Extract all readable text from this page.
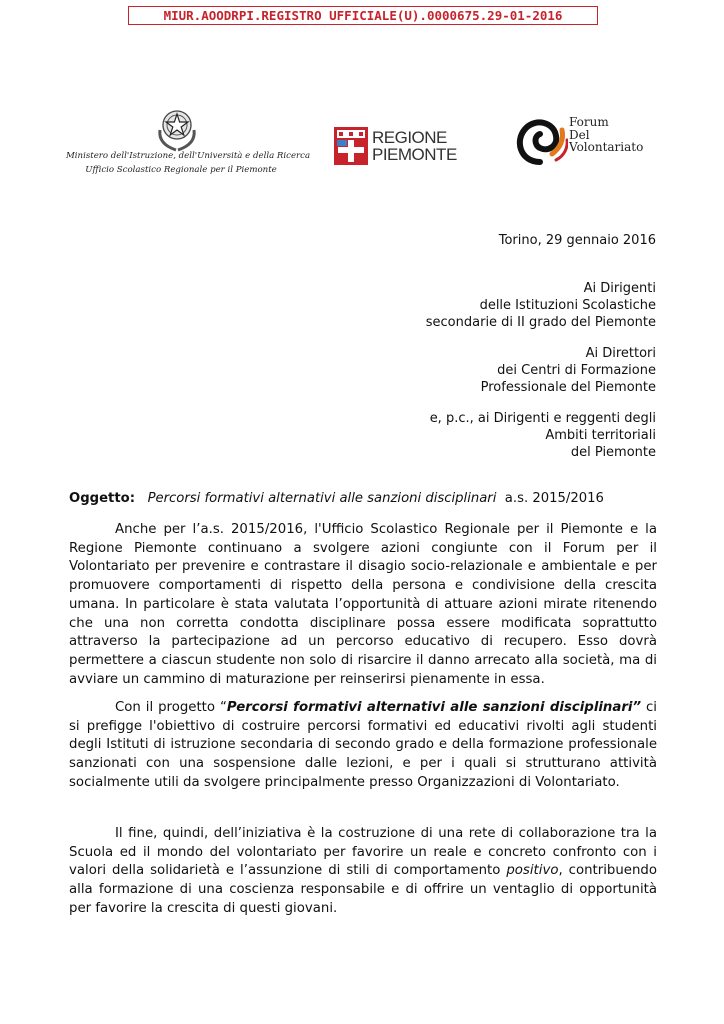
MIUR.AOODRPI.REGISTRO UFFICIALE(U).0000675.29-01-2016
Ministero dell'Istruzione, dell'Università e della Ricerca
Ufficio Scolastico Regionale per il Piemonte
REGIONE
PIEMONTE
Forum
Del
Volontariato
Torino, 29 gennaio 2016
Ai Dirigenti
delle Istituzioni Scolastiche
secondarie di II grado del Piemonte
Ai Direttori
dei Centri di Formazione
Professionale del Piemonte
e, p.c., ai Dirigenti e reggenti degli
Ambiti territoriali
del Piemonte
Oggetto: Percorsi formativi alternativi alle sanzioni disciplinari a.s. 2015/2016
Anche per l’a.s. 2015/2016, l'Ufficio Scolastico Regionale per il Piemonte e la Regione Piemonte continuano a svolgere azioni congiunte con il Forum per il Volontariato per prevenire e contrastare il disagio socio-relazionale e ambientale e per promuovere comportamenti di rispetto della persona e condivisione della crescita umana. In particolare è stata valutata l’opportunità di attuare azioni mirate ritenendo che una non corretta condotta disciplinare possa essere modificata soprattutto attraverso la partecipazione ad un percorso educativo di recupero. Esso dovrà permettere a ciascun studente non solo di risarcire il danno arrecato alla società, ma di avviare un cammino di maturazione per reinserirsi pienamente in essa.
Con il progetto “Percorsi formativi alternativi alle sanzioni disciplinari” ci si prefigge l'obiettivo di costruire percorsi formativi ed educativi rivolti agli studenti degli Istituti di istruzione secondaria di secondo grado e della formazione professionale sanzionati con una sospensione dalle lezioni, e per i quali si strutturano attività socialmente utili da svolgere principalmente presso Organizzazioni di Volontariato.
Il fine, quindi, dell’iniziativa è la costruzione di una rete di collaborazione tra la Scuola ed il mondo del volontariato per favorire un reale e concreto confronto con i valori della solidarietà e l’assunzione di stili di comportamento positivo, contribuendo alla formazione di una coscienza responsabile e di offrire un ventaglio di opportunità per favorire la crescita di questi giovani.
